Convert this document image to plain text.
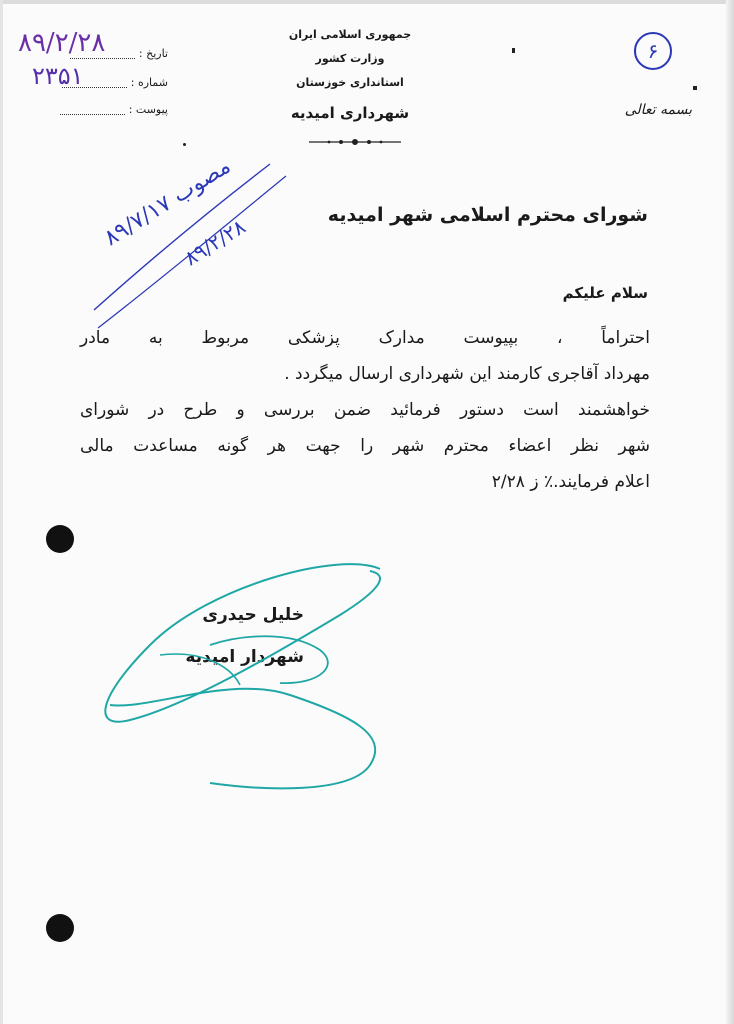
جمهوری اسلامی ایران
وزارت کشور
استانداری خوزستان
شهرداری امیدیه
تاریخ :
شماره :
پیوست :
۸۹/۲/۲۸
۲۳۵۱
۶
بسمه تعالی
مصوب ۸۹/۷/۱۷
۸۹/۲/۲۸	شورای محترم اسلامی شهر امیدیه
سلام علیکم
احتراماً ، بپیوست مدارک پزشکی مربوط به مادر
مهرداد آقاجری کارمند این شهرداری ارسال میگردد .
خواهشمند است دستور فرمائید ضمن بررسی و طرح در شورای
شهر نظر اعضاء محترم شهر را جهت هر گونه مساعدت مالی
اعلام فرمایند.٪ ز ۲/۲۸
خلیل حیدری
شهردار امیدیه
